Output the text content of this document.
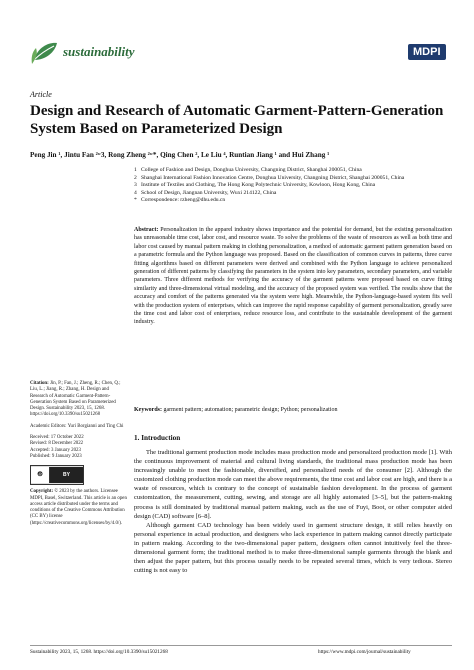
sustainability	MDPI
Article
Design and Research of Automatic Garment-Pattern-Generation System Based on Parameterized Design
Peng Jin ¹, Jintu Fan ²ʷ3, Rong Zheng ²ʷ*, Qing Chen ², Le Liu ⁴, Runtian Jiang ¹ and Hui Zhang ¹
1 College of Fashion and Design, Donghua University, Changning District, Shanghai 200051, China
2 Shanghai International Fashion Innovation Centre, Donghua University, Changning District, Shanghai 200051, China
3 Institute of Textiles and Clothing, The Hong Kong Polytechnic University, Kowloon, Hong Kong, China
4 School of Design, Jiangnan University, Wuxi 214122, China
* Correspondence: rzheng@dhu.edu.cn
Abstract: Personalization in the apparel industry shows importance and the potential for demand, but the existing personalization has unreasonable time cost, labor cost, and resource waste. To solve the problems of the waste of resources as well as both time and labor cost caused by manual pattern making in clothing personalization, a method of automatic garment pattern generation based on a parametric formula and the Python language was proposed. Based on the classification of common curves in patterns, three curve fitting algorithms based on different parameters were derived and combined with the Python language to achieve personalized generation of different patterns by classifying the parameters in the system into key parameters, secondary parameters, and variable parameters. Three different methods for verifying the accuracy of the garment patterns were proposed based on curve fitting similarity and three-dimensional virtual modeling, and the accuracy of the proposed system was verified. The results show that the accuracy and comfort of the patterns generated via the system were high. Meanwhile, the Python-language-based system fits well with the production system of enterprises, which can improve the rapid response capability of garment personalization, greatly save the time cost and labor cost of enterprises, reduce resource loss, and contribute to the sustainable development of the garment industry.
Keywords: garment pattern; automation; parametric design; Python; personalization
Citation: Jin, P.; Fan, J.; Zheng, R.; Chen, Q.; Liu, L.; Jiang, R.; Zhang, H. Design and Research of Automatic Garment-Pattern-Generation System Based on Parameterized Design. Sustainability 2023, 15, 1268. https://doi.org/10.3390/su15021268
Academic Editors: Yuri Borgianni and Ting Chi
Received: 17 October 2022
Revised: 8 December 2022
Accepted: 3 January 2023
Published: 9 January 2023
🅭	BY
Copyright: © 2023 by the authors. Licensee MDPI, Basel, Switzerland. This article is an open access article distributed under the terms and conditions of the Creative Commons Attribution (CC BY) license (https://creativecommons.org/licenses/by/4.0/).
1. Introduction

The traditional garment production mode includes mass production mode and personalized production mode [1]. With the continuous improvement of material and cultural living standards, the traditional mass production mode has been increasingly unable to meet the fashionable, diversified, and personalized needs of the consumer [2]. Although the customized clothing production mode can meet the above requirements, the time cost and labor cost are high, and there is a waste of resources, which is contrary to the concept of sustainable fashion development. In the process of garment customization, the measurement, cutting, sewing, and storage are all highly automated [3–5], but the pattern-making process is still dominated by traditional manual pattern making, such as the use of Fuyi, Boot, or other computer aided design (CAD) software [6–8].

Although garment CAD technology has been widely used in garment structure design, it still relies heavily on personal experience in actual production, and designers who lack experience in pattern making cannot directly participate in pattern making. According to the two-dimensional paper pattern, designers often cannot intuitively feel the three-dimensional garment form; the traditional method is to make three-dimensional sample garments through the blank and then adjust the paper pattern, but this process usually needs to be repeated several times, which is very tedious. Stereo cutting is not easy to

Sustainability 2023, 15, 1268. https://doi.org/10.3390/su15021268	https://www.mdpi.com/journal/sustainability
